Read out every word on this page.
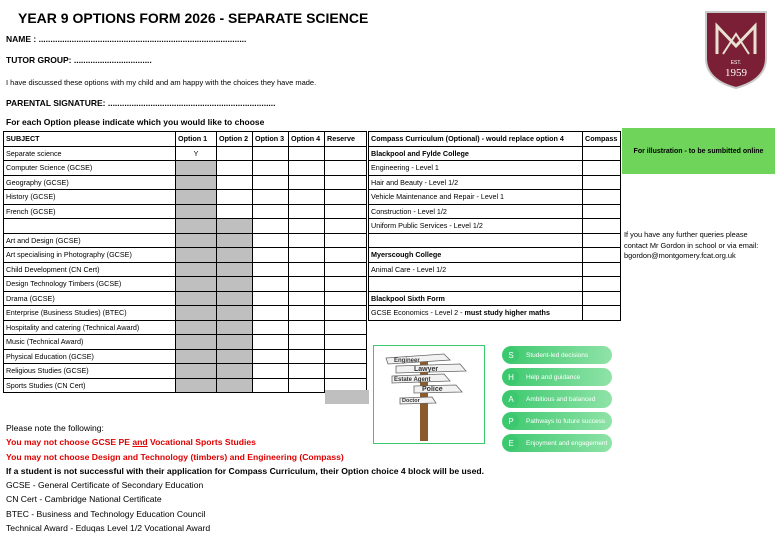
YEAR 9 OPTIONS FORM 2026 - SEPARATE SCIENCE
NAME : ........................................................................................
TUTOR GROUP: .................................
I have discussed these options with my child and am happy with the choices they have made.
PARENTAL SIGNATURE: .......................................................................
For each Option please indicate which you would like to choose
SUBJECT	Option 1	Option 2	Option 3	Option 4	Reserve
Separate science	Y				
Computer Science (GCSE)					
Geography (GCSE)					
History (GCSE)					
French (GCSE)					

Art and Design (GCSE)					
Art specialising in Photography (GCSE)					
Child Development (CN Cert)					
Design Technology Timbers (GCSE)					
Drama (GCSE)					
Enterprise (Business Studies) (BTEC)					
Hospitality and catering (Technical Award)					
Music (Technical Award)					
Physical Education (GCSE)					
Religious Studies (GCSE)					
Sports Studies (CN Cert)					
Compass Curriculum (Optional) - would replace option 4	Compass
Blackpool and Fylde College	
Engineering - Level 1	
Hair and Beauty - Level 1/2	
Vehicle Maintenance and Repair - Level 1	
Construction - Level 1/2	
Uniform Public Services - Level 1/2	

Myerscough College	
Animal Care - Level 1/2	

Blackpool Sixth Form	
GCSE Economics - Level 2 - must study higher maths	
For illustration - to be sumbitted online
If you have any further queries please
contact Mr Gordon in school or via email:
bgordon@montgomery.fcat.org.uk
EST.
1959
Engineer
Lawyer
Estate Agent
Police
Doctor
S	Student-led decisions
H	Help and guidance
A	Ambitious and balanced
P	Pathways to future success
E	Enjoyment and engagement
Please note the following:
You may not choose GCSE PE and Vocational Sports Studies
You may not choose Design and Technology (timbers) and Engineering (Compass)
If a student is not successful with their application for Compass Curriculum, their Option choice 4 block will be used.
GCSE - General Certificate of Secondary Education
CN Cert - Cambridge National Certificate
BTEC - Business and Technology Education Council
Technical Award - Eduqas Level 1/2 Vocational Award
